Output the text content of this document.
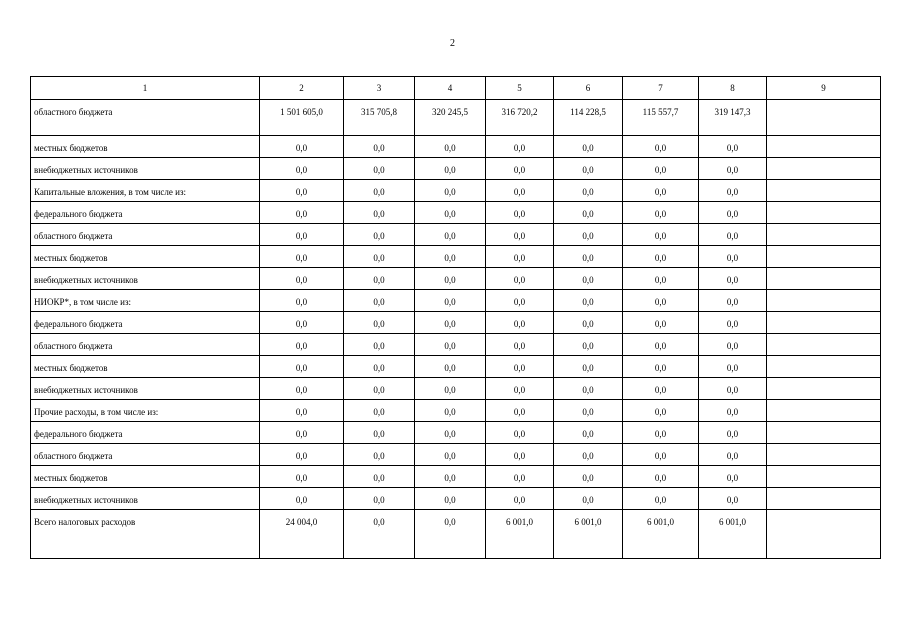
2
1	2	3	4	5	6	7	8	9
областного бюджета	1 501 605,0	315 705,8	320 245,5	316 720,2	114 228,5	115 557,7	319 147,3	
местных бюджетов	0,0	0,0	0,0	0,0	0,0	0,0	0,0	
внебюджетных источников	0,0	0,0	0,0	0,0	0,0	0,0	0,0	
Капитальные вложения, в том числе из:	0,0	0,0	0,0	0,0	0,0	0,0	0,0	
федерального бюджета	0,0	0,0	0,0	0,0	0,0	0,0	0,0	
областного бюджета	0,0	0,0	0,0	0,0	0,0	0,0	0,0	
местных бюджетов	0,0	0,0	0,0	0,0	0,0	0,0	0,0	
внебюджетных источников	0,0	0,0	0,0	0,0	0,0	0,0	0,0	
НИОКР*, в том числе из:	0,0	0,0	0,0	0,0	0,0	0,0	0,0	
федерального бюджета	0,0	0,0	0,0	0,0	0,0	0,0	0,0	
областного бюджета	0,0	0,0	0,0	0,0	0,0	0,0	0,0	
местных бюджетов	0,0	0,0	0,0	0,0	0,0	0,0	0,0	
внебюджетных источников	0,0	0,0	0,0	0,0	0,0	0,0	0,0	
Прочие расходы, в том числе из:	0,0	0,0	0,0	0,0	0,0	0,0	0,0	
федерального бюджета	0,0	0,0	0,0	0,0	0,0	0,0	0,0	
областного бюджета	0,0	0,0	0,0	0,0	0,0	0,0	0,0	
местных бюджетов	0,0	0,0	0,0	0,0	0,0	0,0	0,0	
внебюджетных источников	0,0	0,0	0,0	0,0	0,0	0,0	0,0	
Всего налоговых расходов	24 004,0	0,0	0,0	6 001,0	6 001,0	6 001,0	6 001,0	
